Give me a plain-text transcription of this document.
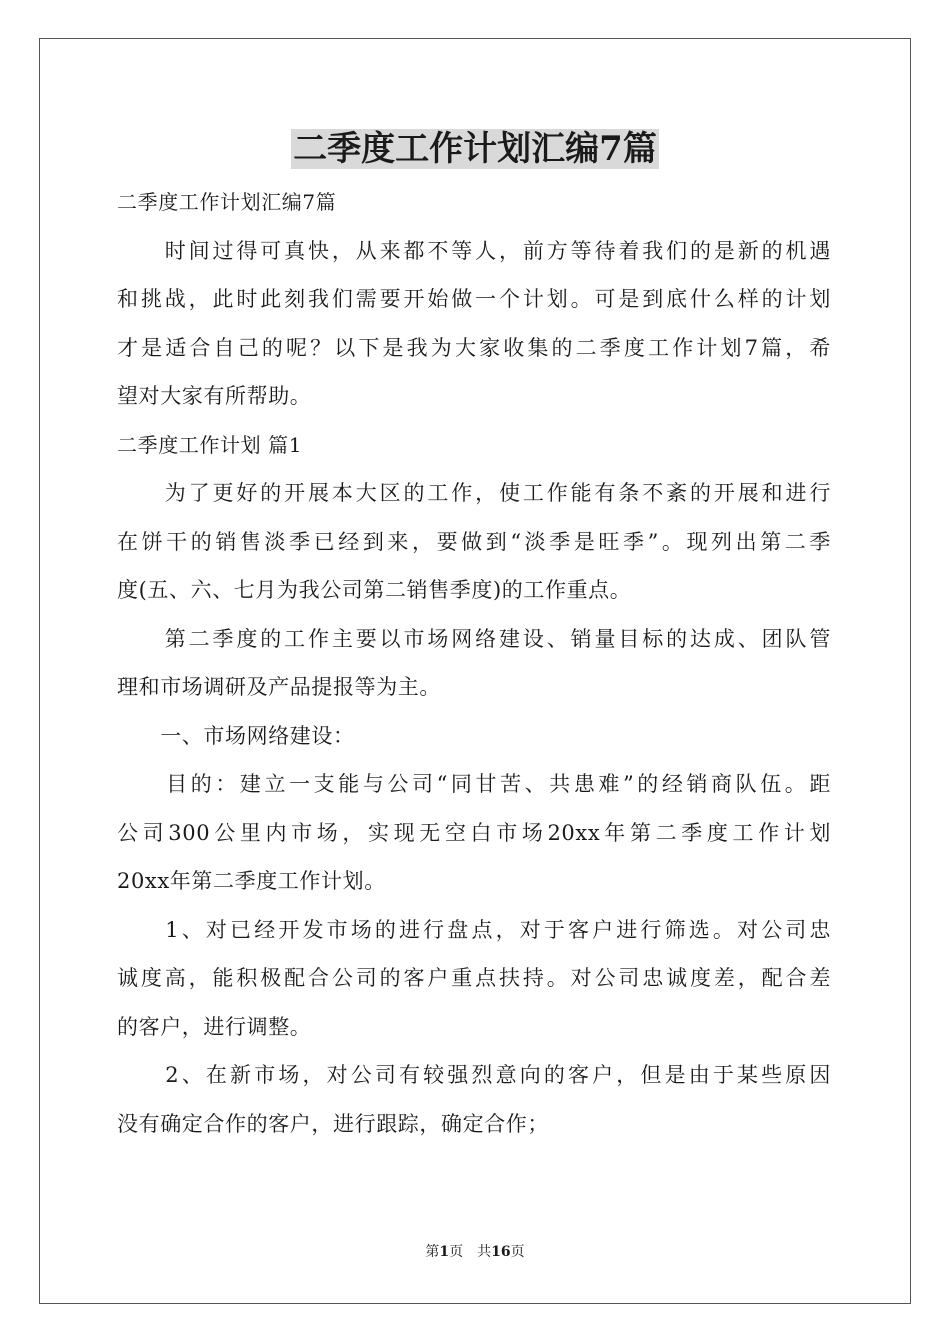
二季度工作计划汇编7篇
二季度工作计划汇编7篇
　　时间过得可真快，从来都不等人，前方等待着我们的是新的机遇
和挑战，此时此刻我们需要开始做一个计划。可是到底什么样的计划
才是适合自己的呢？以下是我为大家收集的二季度工作计划7篇，希
望对大家有所帮助。
二季度工作计划 篇1
　　为了更好的开展本大区的工作，使工作能有条不紊的开展和进行
在饼干的销售淡季已经到来，要做到“淡季是旺季”。现列出第二季
度(五、六、七月为我公司第二销售季度)的工作重点。
　　第二季度的工作主要以市场网络建设、销量目标的达成、团队管
理和市场调研及产品提报等为主。
　　一、市场网络建设：
　　目的：建立一支能与公司“同甘苦、共患难”的经销商队伍。距
公司300公里内市场，实现无空白市场20xx年第二季度工作计划
20xx年第二季度工作计划。
　　1、对已经开发市场的进行盘点，对于客户进行筛选。对公司忠
诚度高，能积极配合公司的客户重点扶持。对公司忠诚度差，配合差
的客户，进行调整。
　　2、在新市场，对公司有较强烈意向的客户，但是由于某些原因
没有确定合作的客户，进行跟踪，确定合作；
第1页　共16页
